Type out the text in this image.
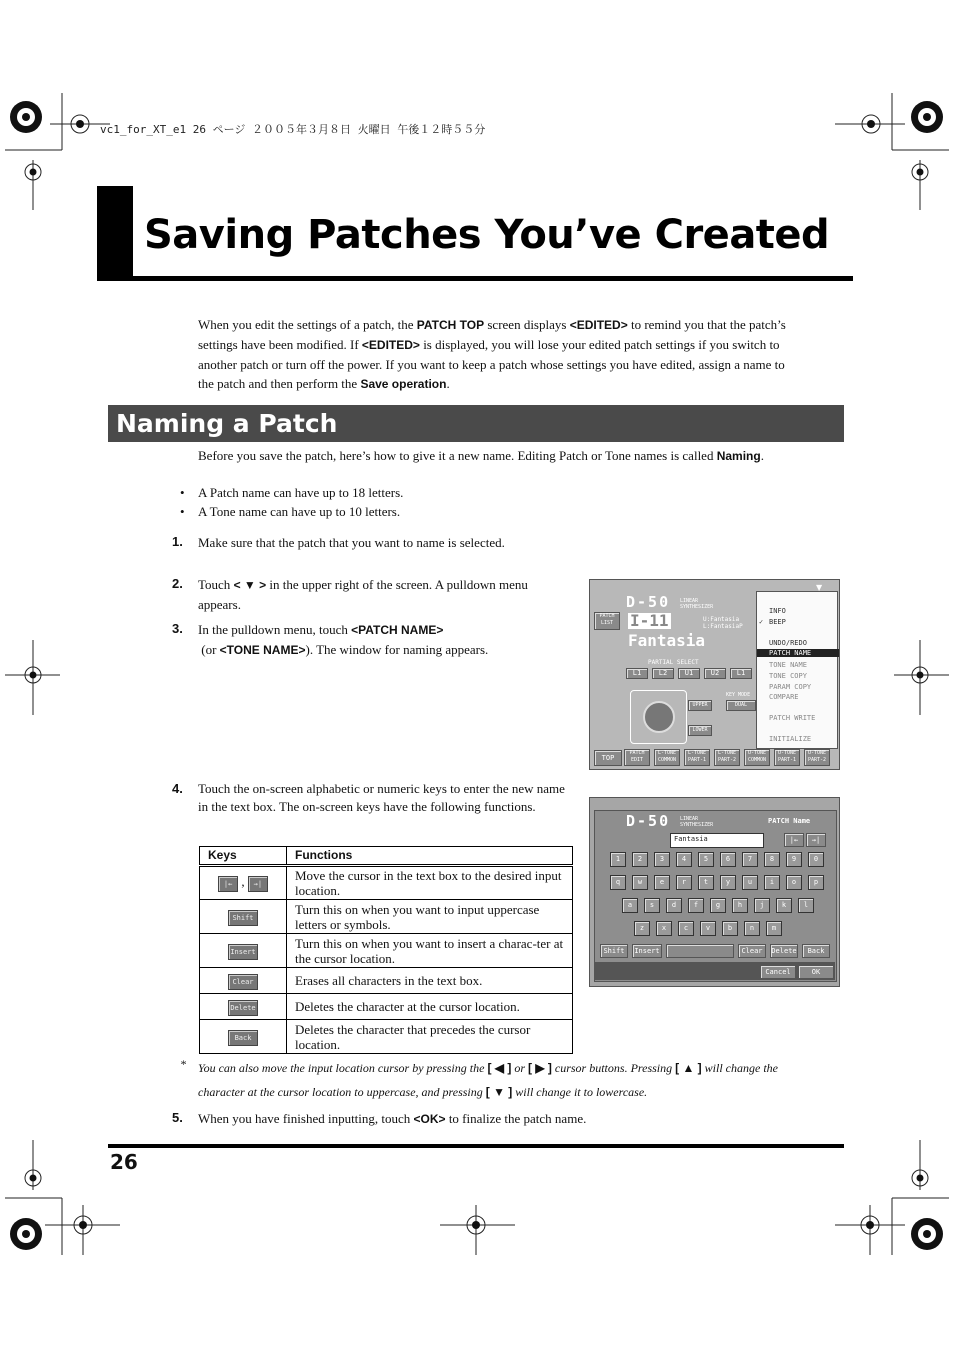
vc1_for_XT_e1 26 ページ ２００５年３月８日 火曜日 午後１２時５５分
Saving Patches You’ve Created
When you edit the settings of a patch, the PATCH TOP screen displays <EDITED> to remind you that the patch’s settings have been modified. If <EDITED> is displayed, you will lose your edited patch settings if you switch to another patch or turn off the power. If you want to keep a patch whose settings you have edited, assign a name to the patch and then perform the Save operation.
Naming a Patch
Before you save the patch, here’s how to give it a new name. Editing Patch or Tone names is called Naming.
• A Patch name can have up to 18 letters.
• A Tone name can have up to 10 letters.
1. Make sure that the patch that you want to name is selected.
2. Touch < ▼ > in the upper right of the screen. A pulldown menu appears.
3. In the pulldown menu, touch <PATCH NAME>
(or <TONE NAME>). The window for naming appears.
D-50 LINEAR SYNTHESIZER
PATCH LIST	I-11	U:Fantasia
L:FantasiaP
Fantasia
PARTIAL SELECT
L1	L2	U1	U2	L1
UPPER
LOWER
KEY MODE
DUAL
INFO
✓ BEEP
UNDO/REDO
PATCH NAME
TONE NAME
TONE COPY
PARAM COPY
COMPARE
PATCH WRITE
INITIALIZE
▼
TOP
PATCH EDIT
L-TONE COMMON
L-TONE PART-1
L-TONE PART-2
U-TONE COMMON
U-TONE PART-1
U-TONE PART-2
4. Touch the on-screen alphabetic or numeric keys to enter the new name in the text box. The on-screen keys have the following functions.
Keys	Functions
|← , →|	Move the cursor in the text box to the desired input location.
Shift	Turn this on when you want to input uppercase letters or symbols.
Insert	Turn this on when you want to insert a charac-ter at the cursor location.
Clear	Erases all characters in the text box.
Delete	Deletes the character at the cursor location.
Back	Deletes the character that precedes the cursor location.
D-50 LINEAR SYNTHESIZER	PATCH Name
Fantasia	|←	→|
1	2	3	4	5	6	7	8	9	0
q	w	e	r	t	y	u	i	o	p
a	s	d	f	g	h	j	k	l
z	x	c	v	b	n	m
Shift	Insert	Clear	Delete	Back
Cancel	OK
* You can also move the input location cursor by pressing the [ ◀ ] or [ ▶ ] cursor buttons. Pressing [ ▲ ] will change the character at the cursor location to uppercase, and pressing [ ▼ ] will change it to lowercase.
5. When you have finished inputting, touch <OK> to finalize the patch name.
26
